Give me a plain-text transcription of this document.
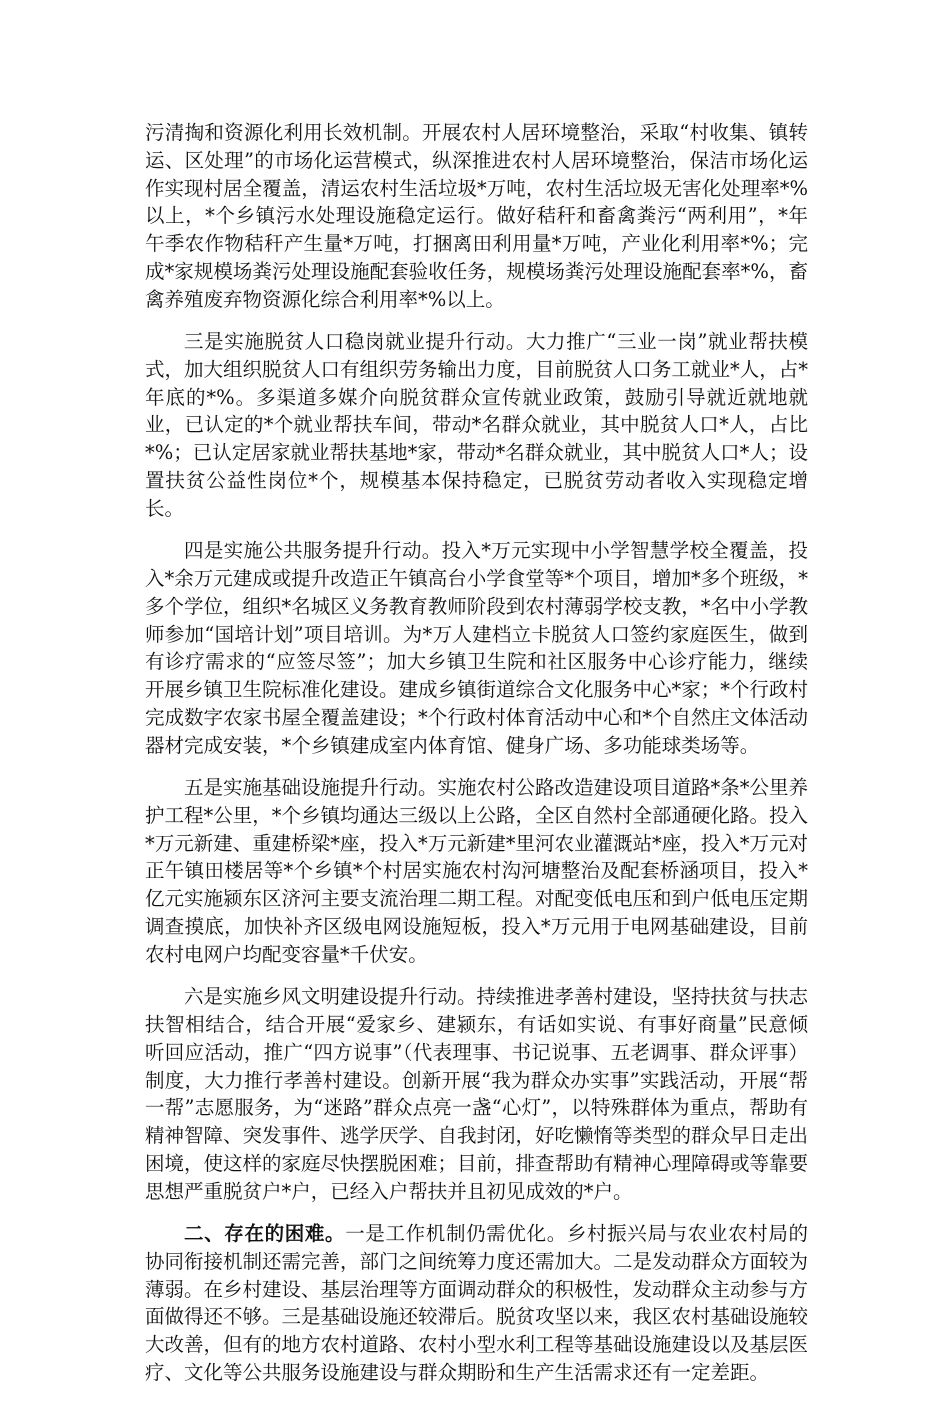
污清掏和资源化利用长效机制。开展农村人居环境整治，采取“村收集、镇转运、区处理”的市场化运营模式，纵深推进农村人居环境整治，保洁市场化运作实现村居全覆盖，清运农村生活垃圾*万吨，农村生活垃圾无害化处理率*%以上，*个乡镇污水处理设施稳定运行。做好秸秆和畜禽粪污“两利用”，*年午季农作物秸秆产生量*万吨，打捆离田利用量*万吨，产业化利用率*%；完成*家规模场粪污处理设施配套验收任务，规模场粪污处理设施配套率*%，畜禽养殖废弃物资源化综合利用率*%以上。

三是实施脱贫人口稳岗就业提升行动。大力推广“三业一岗”就业帮扶模式，加大组织脱贫人口有组织劳务输出力度，目前脱贫人口务工就业*人，占*年底的*%。多渠道多媒介向脱贫群众宣传就业政策，鼓励引导就近就地就业，已认定的*个就业帮扶车间，带动*名群众就业，其中脱贫人口*人，占比*%；已认定居家就业帮扶基地*家，带动*名群众就业，其中脱贫人口*人；设置扶贫公益性岗位*个，规模基本保持稳定，已脱贫劳动者收入实现稳定增长。

四是实施公共服务提升行动。投入*万元实现中小学智慧学校全覆盖，投入*余万元建成或提升改造正午镇高台小学食堂等*个项目，增加*多个班级，*多个学位，组织*名城区义务教育教师阶段到农村薄弱学校支教，*名中小学教师参加“国培计划”项目培训。为*万人建档立卡脱贫人口签约家庭医生，做到有诊疗需求的“应签尽签”；加大乡镇卫生院和社区服务中心诊疗能力，继续开展乡镇卫生院标准化建设。建成乡镇街道综合文化服务中心*家；*个行政村完成数字农家书屋全覆盖建设；*个行政村体育活动中心和*个自然庄文体活动器材完成安装，*个乡镇建成室内体育馆、健身广场、多功能球类场等。

五是实施基础设施提升行动。实施农村公路改造建设项目道路*条*公里养护工程*公里，*个乡镇均通达三级以上公路，全区自然村全部通硬化路。投入*万元新建、重建桥梁*座，投入*万元新建*里河农业灌溉站*座，投入*万元对正午镇田楼居等*个乡镇*个村居实施农村沟河塘整治及配套桥涵项目，投入*亿元实施颍东区济河主要支流治理二期工程。对配变低电压和到户低电压定期调查摸底，加快补齐区级电网设施短板，投入*万元用于电网基础建设，目前农村电网户均配变容量*千伏安。

六是实施乡风文明建设提升行动。持续推进孝善村建设，坚持扶贫与扶志扶智相结合，结合开展“爱家乡、建颍东，有话如实说、有事好商量”民意倾听回应活动，推广“四方说事”（代表理事、书记说事、五老调事、群众评事）制度，大力推行孝善村建设。创新开展“我为群众办实事”实践活动，开展“帮一帮”志愿服务，为“迷路”群众点亮一盏“心灯”，以特殊群体为重点，帮助有精神智障、突发事件、逃学厌学、自我封闭，好吃懒惰等类型的群众早日走出困境，使这样的家庭尽快摆脱困难；目前，排查帮助有精神心理障碍或等靠要思想严重脱贫户*户，已经入户帮扶并且初见成效的*户。

二、存在的困难。一是工作机制仍需优化。乡村振兴局与农业农村局的协同衔接机制还需完善，部门之间统筹力度还需加大。二是发动群众方面较为薄弱。在乡村建设、基层治理等方面调动群众的积极性，发动群众主动参与方面做得还不够。三是基础设施还较滞后。脱贫攻坚以来，我区农村基础设施较大改善，但有的地方农村道路、农村小型水利工程等基础设施建设以及基层医疗、文化等公共服务设施建设与群众期盼和生产生活需求还有一定差距。
